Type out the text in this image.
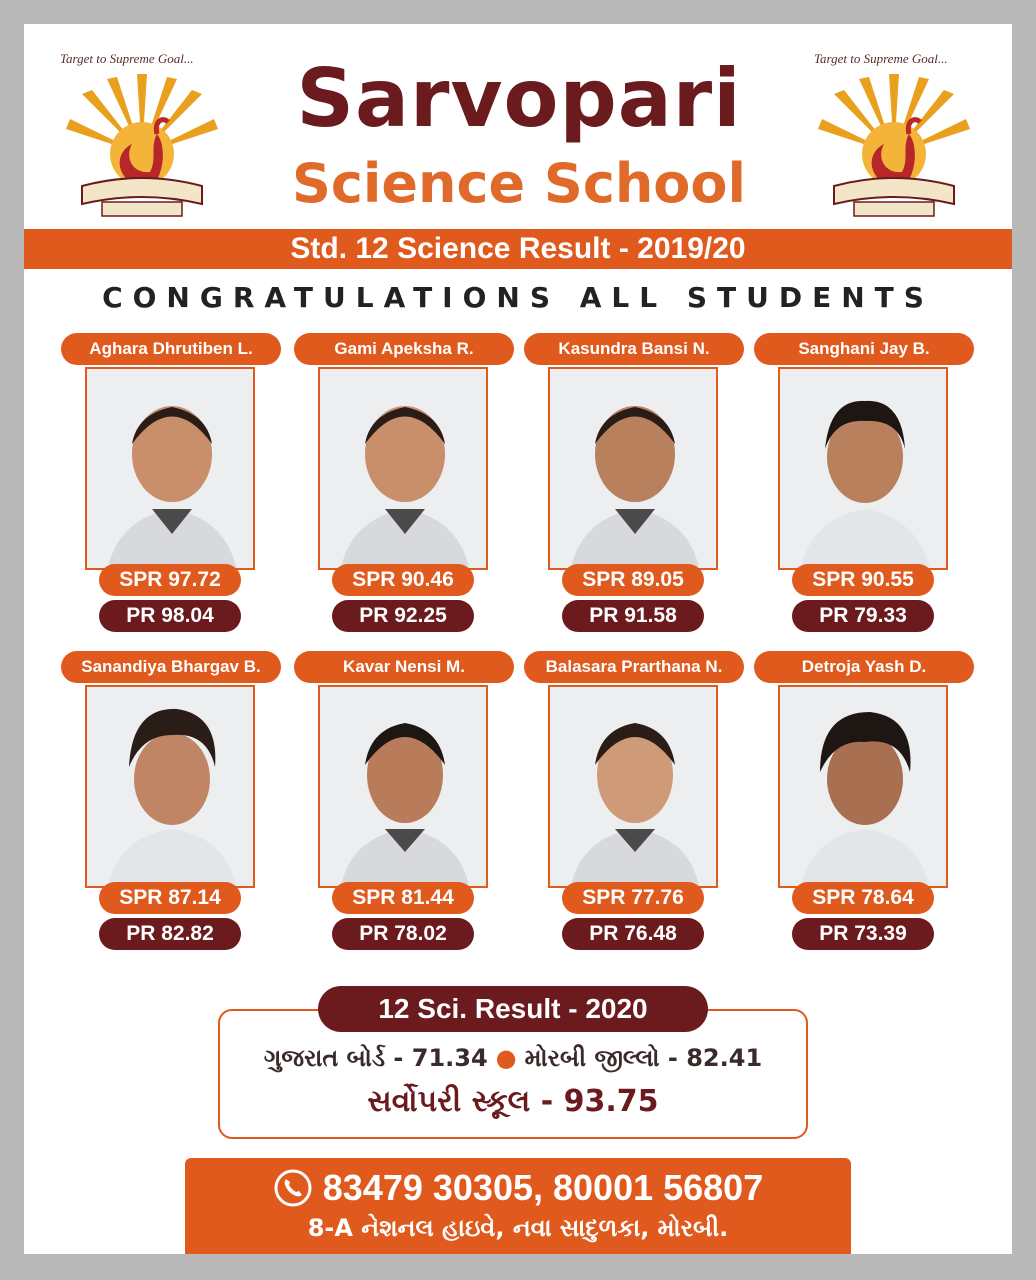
Target to Supreme Goal...	Target to Supreme Goal...
Sarvopari
Science School
Std. 12 Science Result - 2019/20
CONGRATULATIONS ALL STUDENTS
Aghara Dhrutiben L.
SPR 97.72
PR 98.04
Gami Apeksha R.
SPR 90.46
PR 92.25
Kasundra Bansi N.
SPR 89.05
PR 91.58
Sanghani Jay B.
SPR 90.55
PR 79.33
Sanandiya Bhargav B.
SPR 87.14
PR 82.82
Kavar Nensi M.
SPR 81.44
PR 78.02
Balasara Prarthana N.
SPR 77.76
PR 76.48
Detroja Yash D.
SPR 78.64
PR 73.39
12 Sci. Result - 2020
ગુજરાત બોર્ડ - 71.34 ● મોરબી જીલ્લો - 82.41
સર્વોપરી સ્કૂલ - 93.75
83479 30305, 80001 56807
8-A નેશનલ હાઇવે, નવા સાદુળકા, મોરબી.
